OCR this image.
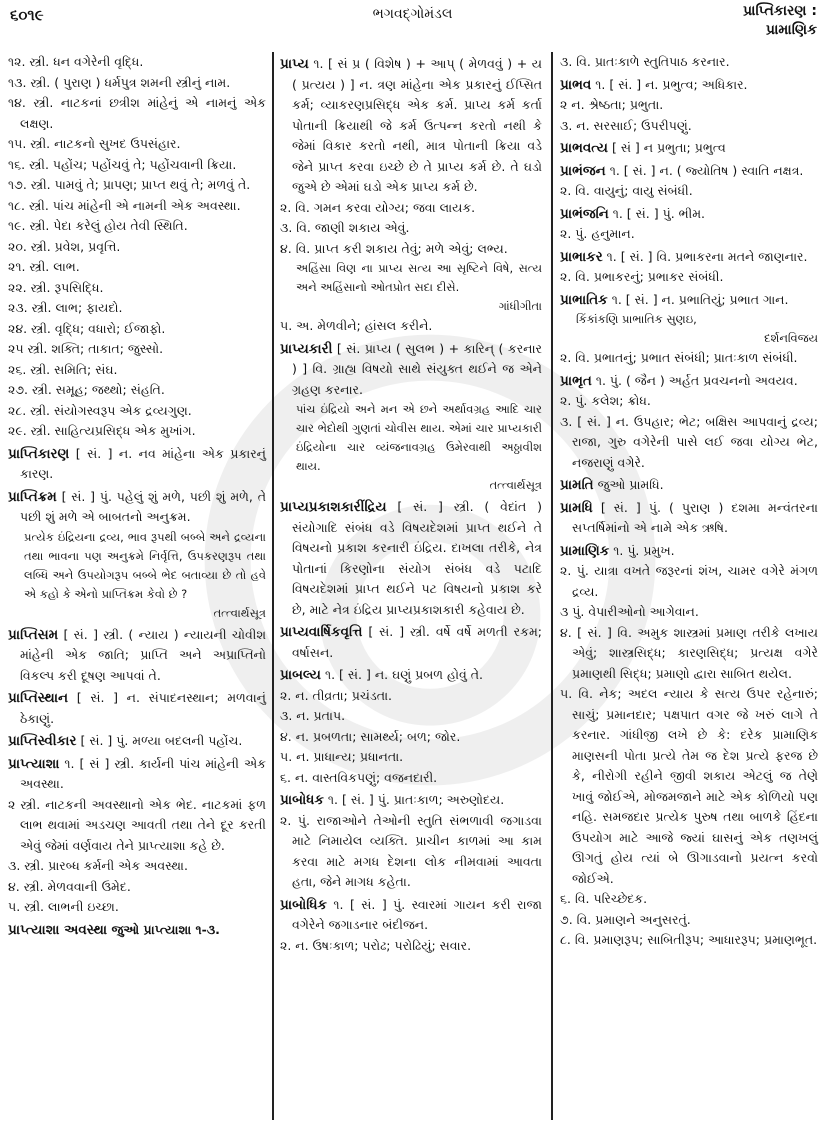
૬૦૧૯	ભગવદ્ગોમંડલ	પ્રાપ્તિકારણ :
પ્રામાણિક
૧૨. સ્ત્રી. ધન વગેરેની વૃદ્ધિ.
૧૩. સ્ત્રી. ( પુરાણ ) ધર્મપુત્ર શમની સ્ત્રીનું નામ.
૧૪. સ્ત્રી. નાટકનાં છત્રીશ માંહેનું એ નામનું એક લક્ષણ.
૧૫. સ્ત્રી. નાટકનો સુખદ ઉપસંહાર.
૧૬. સ્ત્રી. પહોંચ; પહોંચવું તે; પહોંચવાની ક્રિયા.
૧૭. સ્ત્રી. પામવું તે; પ્રાપણ; પ્રાપ્ત થવું તે; મળવું તે.
૧૮. સ્ત્રી. પાંચ માંહેની એ નામની એક અવસ્થા.
૧૯. સ્ત્રી. પેદા કરેલું હોય તેવી સ્થિતિ.
૨૦. સ્ત્રી. પ્રવેશ, પ્રવૃત્તિ.
૨૧. સ્ત્રી. લાભ.
૨૨. સ્ત્રી. રૂપસિદ્ધિ.
૨૩. સ્ત્રી. લાભ; ફાયદો.
૨૪. સ્ત્રી. વૃદ્ધિ; વધારો; ઈજાફો.
૨૫ સ્ત્રી. શક્તિ; તાકાત; જુસ્સો.
૨૬. સ્ત્રી. સમિતિ; સંઘ.
૨૭. સ્ત્રી. સમૂહ; જથ્થો; સંહતિ.
૨૮. સ્ત્રી. સંયોગસ્વરૂપ એક દ્રવ્યગુણ.
૨૯. સ્ત્રી. સાહિત્યપ્રસિદ્ધ એક મુખાંગ.
પ્રાપ્તિકારણ [ સં. ] ન. નવ માંહેના એક પ્રકારનું કારણ.
પ્રાપ્તિક્રમ [ સં. ] પું. પહેલું શું મળે, પછી શું મળે, તે પછી શું મળે એ બાબતનો અનુક્રમ.
પ્રત્યેક ઇંદ્રિયના દ્રવ્ય, ભાવ રૂપથી બબ્બે અને દ્રવ્યના તથા ભાવના પણ અનુક્રમે નિર્વૃત્તિ, ઉપકરણરૂપ તથા લબ્ધિ અને ઉપયોગરૂપ બબ્બે ભેદ બતાવ્યા છે તો હવે એ કહો કે એનો પ્રાપ્તિક્રમ કેવો છે ?
તત્ત્વાર્થસૂત્ર
પ્રાપ્તિસમ [ સં. ] સ્ત્રી. ( ન્યાય ) ન્યાયની ચોવીશ માંહેની એક જાતિ; પ્રાપ્તિ અને અપ્રાપ્તિનો વિકલ્પ કરી દૂષણ આપવાં તે.
પ્રાપ્તિસ્થાન [ સં. ] ન. સંપાદનસ્થાન; મળવાનું ઠેકાણું.
પ્રાપ્તિસ્વીકાર [ સં. ] પું. મળ્યા બદલની પહોંચ.
પ્રાપ્ત્યાશા ૧. [ સં ] સ્ત્રી. કાર્યની પાંચ માંહેની એક અવસ્થા.
૨ સ્ત્રી. નાટકની અવસ્થાનો એક ભેદ. નાટકમાં ફળ લાભ થવામાં અડચણ આવતી તથા તેને દૂર કરતી એવું જેમાં વર્ણવાય તેને પ્રાપ્ત્યાશા કહે છે.
૩. સ્ત્રી. પ્રારબ્ધ કર્મની એક અવસ્થા.
૪. સ્ત્રી. મેળવવાની ઉમેદ.
૫. સ્ત્રી. લાભની ઇચ્છા.
પ્રાપ્ત્યાશા અવસ્થા જુઓ પ્રાપ્ત્યાશા ૧-૩.
પ્રાપ્ય ૧. [ સં પ્ર ( વિશેષ ) + આપ્ ( મેળવવું ) + ય ( પ્રત્યય ) ] ન. ત્રણ માંહેના એક પ્રકારનું ઈપ્સિત કર્મ; વ્યાકરણપ્રસિદ્ધ એક કર્મ. પ્રાપ્ય કર્મ કર્તા પોતાની ક્રિયાથી જે કર્મ ઉત્પન્ન કરતો નથી કે જેમાં વિકાર કરતો નથી, માત્ર પોતાની ક્રિયા વડે જેને પ્રાપ્ત કરવા ઇચ્છે છે તે પ્રાપ્ય કર્મ છે. તે ઘડો જુએ છે એમાં ઘડો એક પ્રાપ્ય કર્મ છે.
૨. વિ. ગમન કરવા યોગ્ય; જવા લાયક.
૩. વિ. જાણી શકાય એવું.
૪. વિ. પ્રાપ્ત કરી શકાય તેવું; મળે એવું; લભ્ય.
અહિંસા વિણ ના પ્રાપ્ય સત્ય આ સૃષ્ટિને વિષે, સત્ય અને અહિંસાનો ઓતપ્રોત સદા દીસે.
ગાંધીગીતા
૫. અ. મેળવીને; હાંસલ કરીને.
પ્રાપ્યકારી [ સં. પ્રાપ્ય ( સુલભ ) + કારિન્ ( કરનાર ) ] વિ. ગ્રાહ્ય વિષયો સાથે સંયુક્ત થઈને જ એને ગ્રહણ કરનાર.
પાંચ ઇંદ્રિયો અને મન એ છને અર્થાવગ્રહ આદિ ચાર ચાર ભેદોથી ગુણતાં ચોવીસ થાય. એમાં ચાર પ્રાપ્યકારી ઇંદ્રિયોના ચાર વ્યંજનાવગ્રહ ઉમેરવાથી અઠ્ઠાવીશ થાય.
તત્ત્વાર્થસૂત્ર
પ્રાપ્યપ્રકાશકારીંદ્રિય [ સં. ] સ્ત્રી. ( વેદાંત ) સંયોગાદિ સંબંધ વડે વિષયદેશમાં પ્રાપ્ત થઈને તે વિષયનો પ્રકાશ કરનારી ઇંદ્રિય. દાખલા તરીકે, નેત્ર પોતાનાં કિરણોના સંયોગ સંબંધ વડે પટાદિ વિષયદેશમાં પ્રાપ્ત થઈને પટ વિષયનો પ્રકાશ કરે છે, માટે નેત્ર ઇંદ્રિય પ્રાપ્યપ્રકાશકારી કહેવાય છે.
પ્રાપ્યવાર્ષિકવૃત્તિ [ સં. ] સ્ત્રી. વર્ષે વર્ષે મળતી રકમ; વર્ષાસન.
પ્રાબલ્ય ૧. [ સં. ] ન. ઘણું પ્રબળ હોવું તે.
૨. ન. તીવ્રતા; પ્રચંડતા.
૩. ન. પ્રતાપ.
૪. ન. પ્રબળતા; સામર્થ્ય; બળ; જોર.
૫. ન. પ્રાધાન્ય; પ્રધાનતા.
૬. ન. વાસ્તવિકપણું; વજનદારી.
પ્રાબોધક ૧. [ સં. ] પું. પ્રાતઃકાળ; અરુણોદય.
૨. પું. રાજાઓને તેઓની સ્તુતિ સંભળાવી જગાડવા માટે નિમાયેલ વ્યક્તિ. પ્રાચીન કાળમાં આ કામ કરવા માટે મગધ દેશના લોક નીમવામાં આવતા હતા, જેને માગધ કહેતા.
પ્રાબોધિક ૧. [ સં. ] પું. સ્વારમાં ગાયન કરી રાજા વગેરેને જગાડનાર બંદીજન.
૨. ન. ઉષઃકાળ; પરોઢ; પરોઢિયું; સવાર.
૩. વિ. પ્રાતઃકાળે સ્તુતિપાઠ કરનાર.
પ્રાભવ ૧. [ સં. ] ન. પ્રભુત્વ; અધિકાર.
૨ ન. શ્રેષ્ઠતા; પ્રભુતા.
૩. ન. સરસાઈ; ઉપરીપણું.
પ્રાભવત્ય [ સં ] ન પ્રભુતા; પ્રભુત્વ
પ્રાભંજન ૧. [ સં. ] ન. ( જ્યોતિષ ) સ્વાતિ નક્ષત્ર.
૨. વિ. વાયુનું; વાયુ સંબંધી.
પ્રાભંજનિ ૧. [ સં. ] પું. ભીમ.
૨. પું. હનુમાન.
પ્રાભાકર ૧. [ સં. ] વિ. પ્રભાકરના મતને જાણનાર.
૨. વિ. પ્રભાકરનું; પ્રભાકર સંબંધી.
પ્રાભાતિક ૧. [ સં. ] ન. પ્રભાતિયું; પ્રભાત ગાન.
કિંકાંકણિ પ્રાભાતિક સુણઇ,
દર્શનવિજય
૨. વિ. પ્રભાતનું; પ્રભાત સંબંધી; પ્રાતઃકાળ સંબંધી.
પ્રાભૃત ૧. પું. ( જૈન ) અર્હત પ્રવચનનો અવયવ.
૨. પું. કલેશ; ક્રોધ.
૩. [ સં. ] ન. ઉપહાર; ભેટ; બક્ષિસ આપવાનું દ્રવ્ય; રાજા, ગુરુ વગેરેની પાસે લઈ જવા યોગ્ય ભેટ, નજરાણું વગેરે.
પ્રામતિ જુઓ પ્રામધિ.
પ્રામધિ [ સં. ] પું. ( પુરાણ ) દશમા મન્વંતરના સપ્તર્ષિમાંનો એ નામે એક ઋષિ.
પ્રામાણિક ૧. પું. પ્રમુખ.
૨. પું. યાત્રા વખતે જરૂરનાં શંખ, ચામર વગેરે મંગળ દ્રવ્ય.
૩ પું. વેપારીઓનો આગેવાન.
૪. [ સં. ] વિ. અમુક શાસ્ત્રમાં પ્રમાણ તરીકે લખાય એવું; શાસ્ત્રસિદ્ધ; કારણસિદ્ધ; પ્રત્યક્ષ વગેરે પ્રમાણથી સિદ્ધ; પ્રમાણો દ્વારા સાબિત થયેલ.
૫. વિ. નેક; અદલ ન્યાય કે સત્ય ઉપર રહેનારું; સાચું; પ્રમાનદાર; પક્ષપાત વગર જે ખરું લાગે તે કરનાર. ગાંધીજી લખે છે કે: દરેક પ્રામાણિક માણસની પોતા પ્રત્યે તેમ જ દેશ પ્રત્યે ફરજ છે કે, નીરોગી રહીને જીવી શકાય એટલું જ તેણે ખાવું જોઈએ, મોજમજાને માટે એક કોળિયો પણ નહિ. સમજદાર પ્રત્યેક પુરુષ તથા બાળકે હિંદના ઉપયોગ માટે આજે જ્યાં ઘાસનું એક તણખલું ઊગતું હોય ત્યાં બે ઊગાડવાનો પ્રયત્ન કરવો જોઈએ.
૬. વિ. પરિચ્છેદક.
૭. વિ. પ્રમાણને અનુસરતું.
૮. વિ. પ્રમાણરૂપ; સાબિતીરૂપ; આધારરૂપ; પ્રમાણભૂત.
